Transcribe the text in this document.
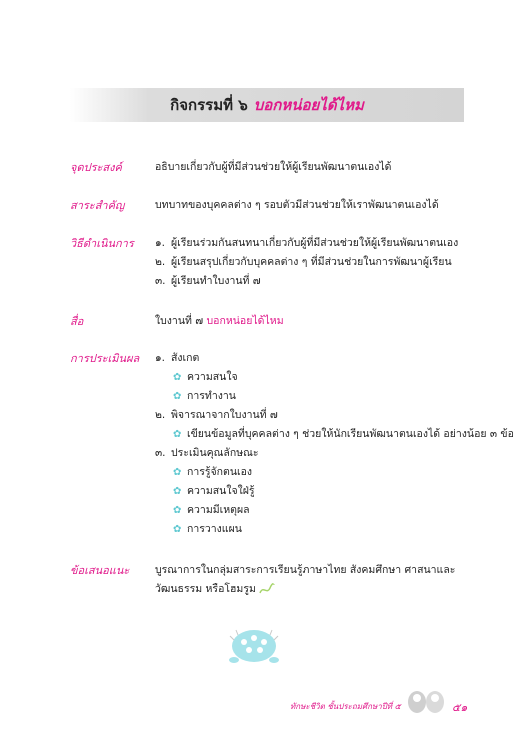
กิจกรรมที่ ๖ บอกหน่อยได้ไหม
จุดประสงค์	อธิบายเกี่ยวกับผู้ที่มีส่วนช่วยให้ผู้เรียนพัฒนาตนเองได้
สาระสำคัญ	บทบาทของบุคคลต่าง ๆ รอบตัวมีส่วนช่วยให้เราพัฒนาตนเองได้
วิธีดำเนินการ ๑. ผู้เรียนร่วมกันสนทนาเกี่ยวกับผู้ที่มีส่วนช่วยให้ผู้เรียนพัฒนาตนเอง
๒. ผู้เรียนสรุปเกี่ยวกับบุคคลต่าง ๆ ที่มีส่วนช่วยในการพัฒนาผู้เรียน
๓. ผู้เรียนทำใบงานที่ ๗
สื่อ	ใบงานที่ ๗ บอกหน่อยได้ไหม
การประเมินผล ๑. สังเกต
✿ ความสนใจ
✿ การทำงาน
๒. พิจารณาจากใบงานที่ ๗
✿ เขียนข้อมูลที่บุคคลต่าง ๆ ช่วยให้นักเรียนพัฒนาตนเองได้ อย่างน้อย ๓ ข้อ
๓. ประเมินคุณลักษณะ
✿ การรู้จักตนเอง
✿ ความสนใจใฝ่รู้
✿ ความมีเหตุผล
✿ การวางแผน
ข้อเสนอแนะ บูรณาการในกลุ่มสาระการเรียนรู้ภาษาไทย สังคมศึกษา ศาสนาและ
วัฒนธรรม หรือโฮมรูม
ทักษะชีวิต ชั้นประถมศึกษาปีที่ ๕	๕๑
